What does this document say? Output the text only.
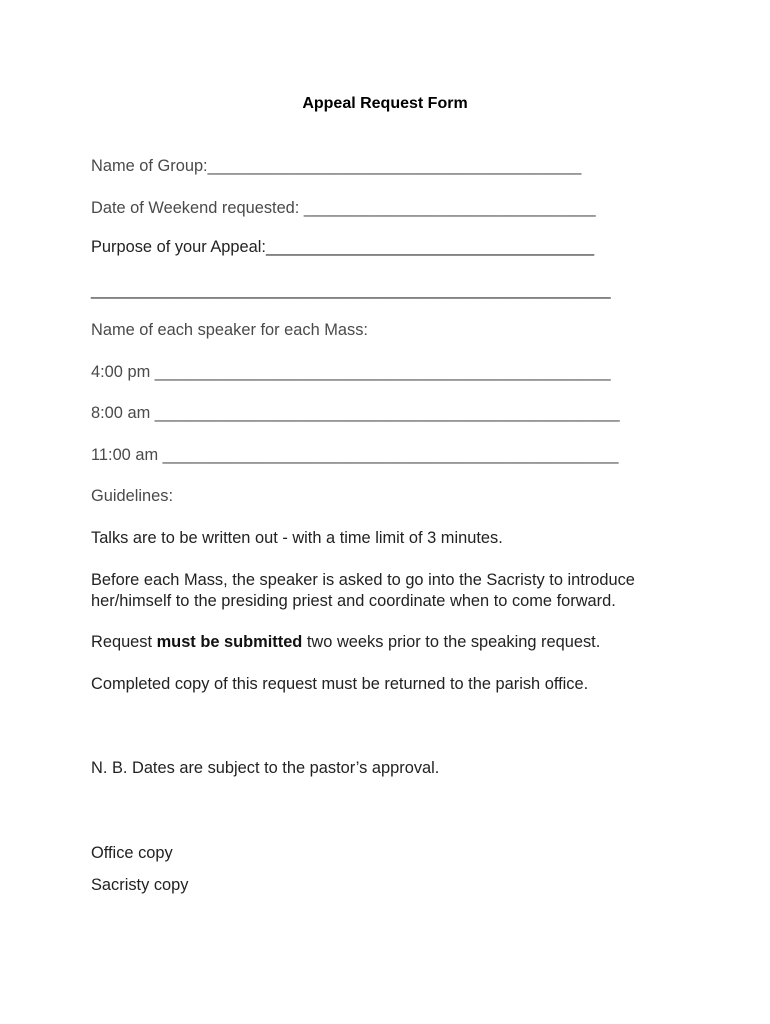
Appeal Request Form
Name of Group:_________________________________________
Date of Weekend requested: ________________________________
Purpose of your Appeal:____________________________________
_________________________________________________________
Name of each speaker for each Mass:
4:00 pm __________________________________________________
8:00 am ___________________________________________________
11:00 am __________________________________________________
Guidelines:
Talks are to be written out - with a time limit of 3 minutes.
Before each Mass, the speaker is asked to go into the Sacristy to introduce
her/himself to the presiding priest and coordinate when to come forward.
Request must be submitted two weeks prior to the speaking request.
Completed copy of this request must be returned to the parish office.
N. B. Dates are subject to the pastor’s approval.
Office copy
Sacristy copy
